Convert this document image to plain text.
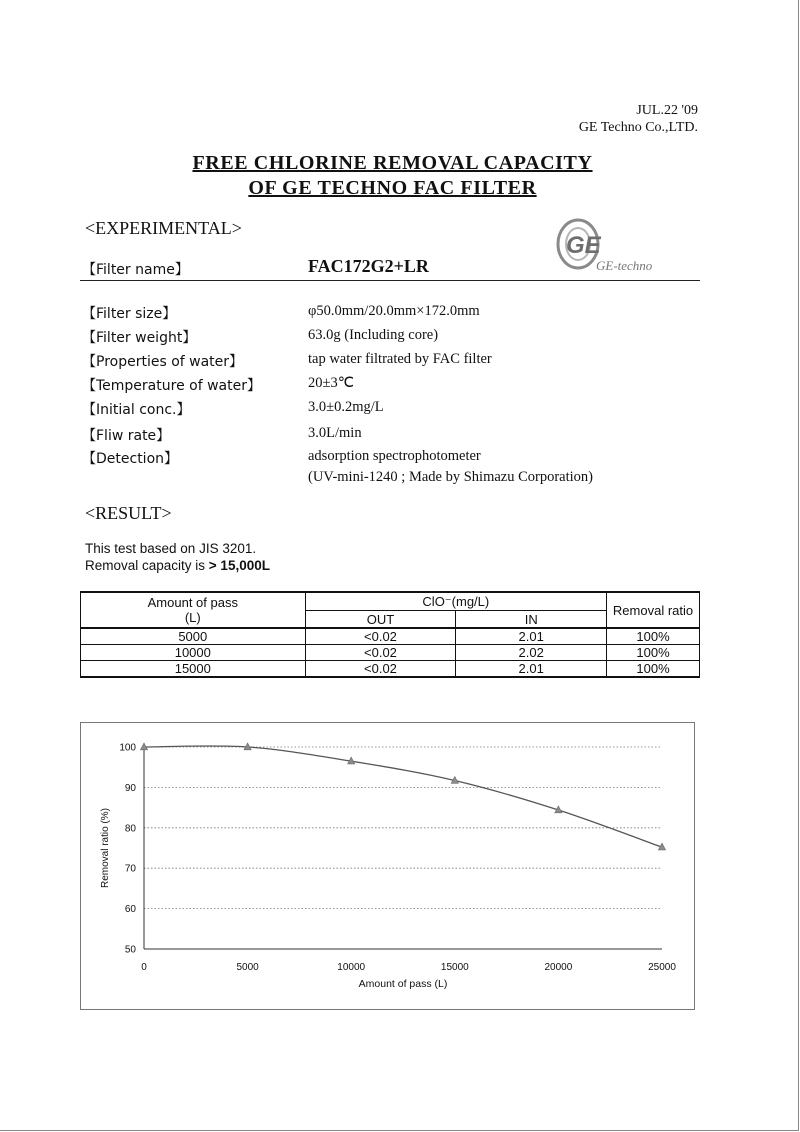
JUL.22 '09
GE Techno Co.,LTD.
FREE CHLORINE REMOVAL CAPACITY
OF GE TECHNO FAC FILTER
<EXPERIMENTAL>
GE
GE-techno
【Filter name】	FAC172G2+LR
【Filter size】	φ50.0mm/20.0mm×172.0mm
【Filter weight】	63.0g (Including core)
【Properties of water】	tap water filtrated by FAC filter
【Temperature of water】	20±3℃
【Initial conc.】	3.0±0.2mg/L
【Fliw rate】	3.0L/min
【Detection】	adsorption spectrophotometer
(UV-mini-1240 ; Made by Shimazu Corporation)
<RESULT>
This test based on JIS 3201.
Removal capacity is > 15,000L
Amount of pass
(L)	ClO⁻(mg/L)		Removal ratio
	OUT	IN	
5000	<0.02	2.01	100%
10000	<0.02	2.02	100%
15000	<0.02	2.01	100%
50
60
70
80
90
100
0	5000	10000	15000	20000	25000
Amount of pass (L)
Removal ratio (%)
